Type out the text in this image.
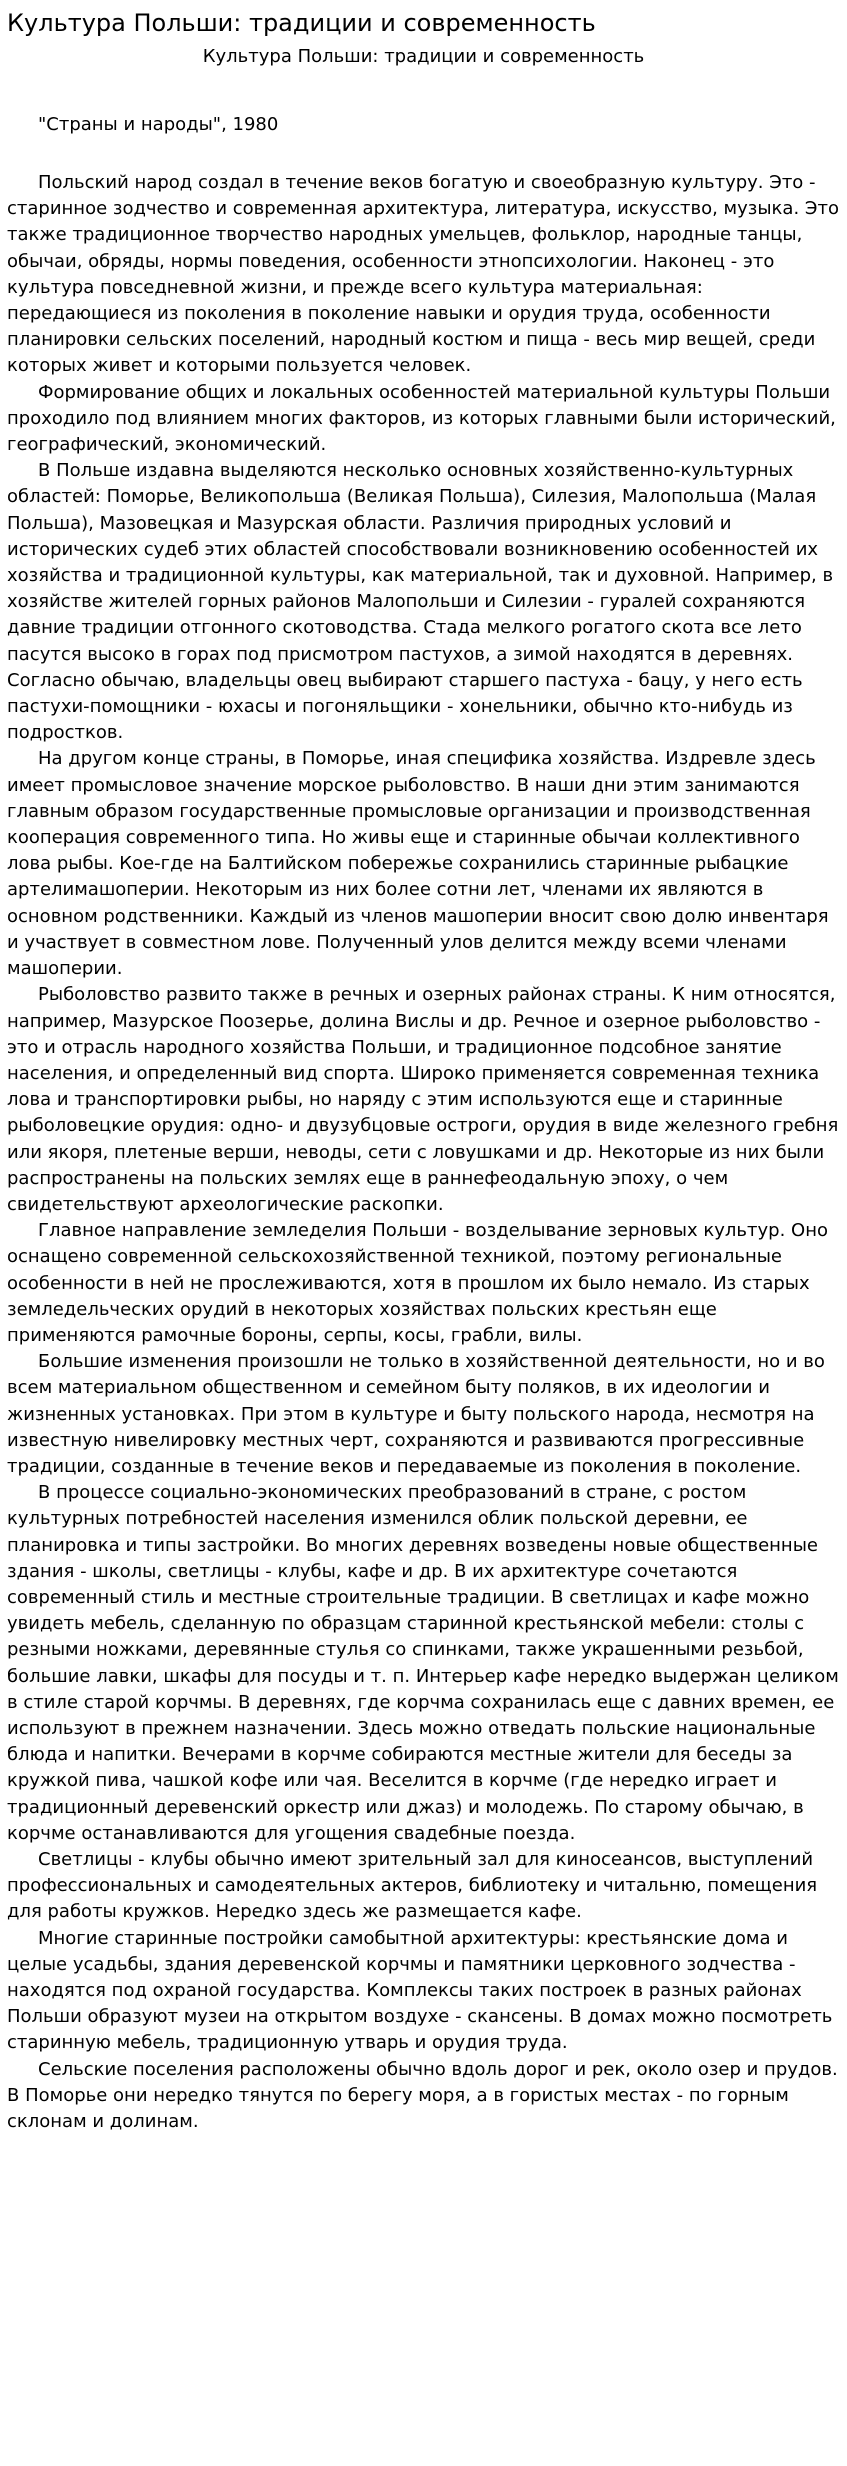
Культура Польши: традиции и современность

Культура Польши: традиции и современность

"Страны и народы", 1980

Польский народ создал в течение веков богатую и своеобразную культуру. Это - старинное зодчество и современная архитектура, литература, искусство, музыка. Это также традиционное творчество народных умельцев, фольклор, народные танцы, обычаи, обряды, нормы поведения, особенности этнопсихологии. Наконец - это культура повседневной жизни, и прежде всего культура материальная: передающиеся из поколения в поколение навыки и орудия труда, особенности планировки сельских поселений, народный костюм и пища - весь мир вещей, среди которых живет и которыми пользуется человек.

Формирование общих и локальных особенностей материальной культуры Польши проходило под влиянием многих факторов, из которых главными были исторический, географический, экономический.

В Польше издавна выделяются несколько основных хозяйственно-культурных областей: Поморье, Великопольша (Великая Польша), Силезия, Малопольша (Малая Польша), Мазовецкая и Мазурская области. Различия природных условий и исторических судеб этих областей способствовали возникновению особенностей их хозяйства и традиционной культуры, как материальной, так и духовной. Например, в хозяйстве жителей горных районов Малопольши и Силезии - гуралей сохраняются давние традиции отгонного скотоводства. Стада мелкого рогатого скота все лето пасутся высоко в горах под присмотром пастухов, а зимой находятся в деревнях. Согласно обычаю, владельцы овец выбирают старшего пастуха - бацу, у него есть пастухи-помощники - юхасы и погоняльщики - хонельники, обычно кто-нибудь из подростков.

На другом конце страны, в Поморье, иная специфика хозяйства. Издревле здесь имеет промысловое значение морское рыболовство. В наши дни этим занимаются главным образом государственные промысловые организации и производственная кооперация современного типа. Но живы еще и старинные обычаи коллективного лова рыбы. Кое-где на Балтийском побережье сохранились старинные рыбацкие артелимашоперии. Некоторым из них более сотни лет, членами их являются в основном родственники. Каждый из членов машоперии вносит свою долю инвентаря и участвует в совместном лове. Полученный улов делится между всеми членами машоперии.

Рыболовство развито также в речных и озерных районах страны. К ним относятся, например, Мазурское Поозерье, долина Вислы и др. Речное и озерное рыболовство - это и отрасль народного хозяйства Польши, и традиционное подсобное занятие населения, и определенный вид спорта. Широко применяется современная техника лова и транспортировки рыбы, но наряду с этим используются еще и старинные рыболовецкие орудия: одно- и двузубцовые остроги, орудия в виде железного гребня или якоря, плетеные верши, неводы, сети с ловушками и др. Некоторые из них были распространены на польских землях еще в раннефеодальную эпоху, о чем свидетельствуют археологические раскопки.

Главное направление земледелия Польши - возделывание зерновых культур. Оно оснащено современной сельскохозяйственной техникой, поэтому региональные особенности в ней не прослеживаются, хотя в прошлом их было немало. Из старых земледельческих орудий в некоторых хозяйствах польских крестьян еще применяются рамочные бороны, серпы, косы, грабли, вилы.

Большие изменения произошли не только в хозяйственной деятельности, но и во всем материальном общественном и семейном быту поляков, в их идеологии и жизненных установках. При этом в культуре и быту польского народа, несмотря на известную нивелировку местных черт, сохраняются и развиваются прогрессивные традиции, созданные в течение веков и передаваемые из поколения в поколение.

В процессе социально-экономических преобразований в стране, с ростом культурных потребностей населения изменился облик польской деревни, ее планировка и типы застройки. Во многих деревнях возведены новые общественные здания - школы, светлицы - клубы, кафе и др. В их архитектуре сочетаются современный стиль и местные строительные традиции. В светлицах и кафе можно увидеть мебель, сделанную по образцам старинной крестьянской мебели: столы с резными ножками, деревянные стулья со спинками, также украшенными резьбой, большие лавки, шкафы для посуды и т. п. Интерьер кафе нередко выдержан целиком в стиле старой корчмы. В деревнях, где корчма сохранилась еще с давних времен, ее используют в прежнем назначении. Здесь можно отведать польские национальные блюда и напитки. Вечерами в корчме собираются местные жители для беседы за кружкой пива, чашкой кофе или чая. Веселится в корчме (где нередко играет и традиционный деревенский оркестр или джаз) и молодежь. По старому обычаю, в корчме останавливаются для угощения свадебные поезда.

Светлицы - клубы обычно имеют зрительный зал для киносеансов, выступлений профессиональных и самодеятельных актеров, библиотеку и читальню, помещения для работы кружков. Нередко здесь же размещается кафе.

Многие старинные постройки самобытной архитектуры: крестьянские дома и целые усадьбы, здания деревенской корчмы и памятники церковного зодчества - находятся под охраной государства. Комплексы таких построек в разных районах Польши образуют музеи на открытом воздухе - скансены. В домах можно посмотреть старинную мебель, традиционную утварь и орудия труда.

Сельские поселения расположены обычно вдоль дорог и рек, около озер и прудов. В Поморье они нередко тянутся по берегу моря, а в гористых местах - по горным склонам и долинам.
